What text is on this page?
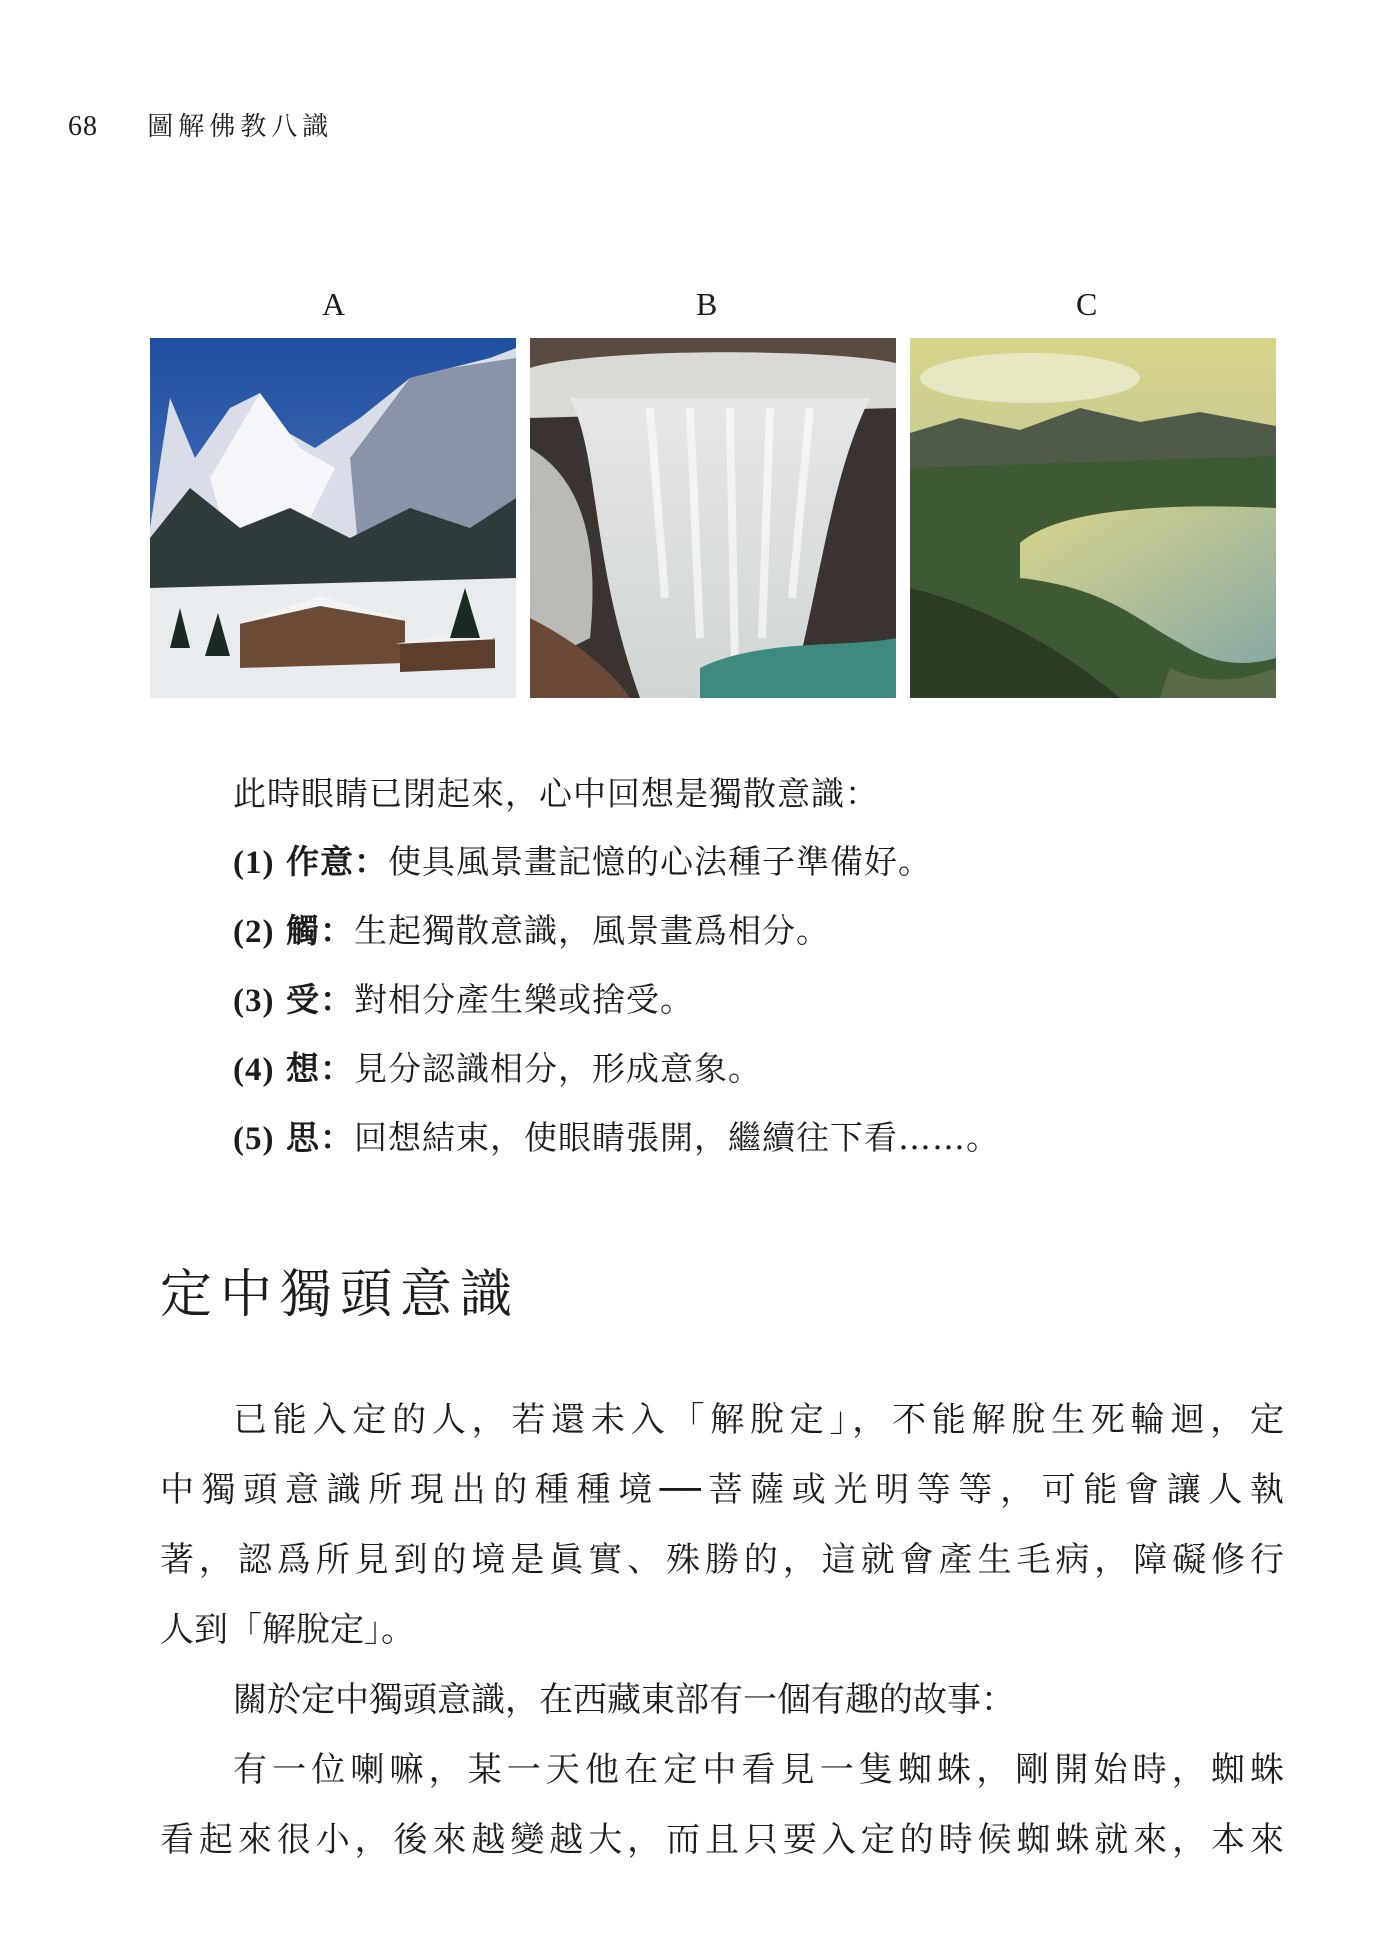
68 圖解佛教八識
A	B	C
此時眼睛已閉起來，心中回想是獨散意識：
(1) 作意：使具風景畫記憶的心法種子準備好。
(2) 觸：生起獨散意識，風景畫爲相分。
(3) 受：對相分產生樂或捨受。
(4) 想：見分認識相分，形成意象。
(5) 思：回想結束，使眼睛張開，繼續往下看……。
定中獨頭意識
已能入定的人，若還未入「解脫定」，不能解脫生死輪迴，定
中獨頭意識所現出的種種境──菩薩或光明等等，可能會讓人執
著，認爲所見到的境是眞實、殊勝的，這就會產生毛病，障礙修行
人到「解脫定」。
關於定中獨頭意識，在西藏東部有一個有趣的故事：
有一位喇嘛，某一天他在定中看見一隻蜘蛛，剛開始時，蜘蛛
看起來很小，後來越變越大，而且只要入定的時候蜘蛛就來，本來
